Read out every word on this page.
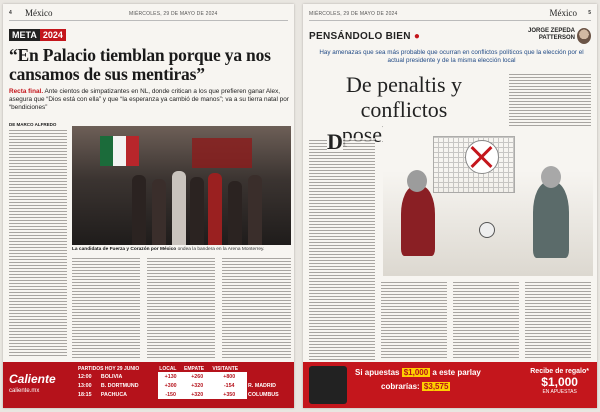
4 México	MIÉRCOLES, 29 DE MAYO DE 2024
META 2024
“En Palacio tiemblan porque ya nos cansamos de sus mentiras”
Recta final. Ante cientos de simpatizantes en NL, donde critican a los que prefieren ganar Alex, asegura que “Dios está con ella” y que “la esperanza ya cambió de manos”; va a su tierra natal por “bendiciones”
DE MARCO ALFREDO
La candidata de Fuerza y Corazón por México ondea la bandera en la Arena Monterrey.
Caliente
caliente.mx
PARTIDOS HOY 29 JUNIO		LOCAL	EMPATE	VISITANTE	
12:00	BOLIVIA	+130	+260	+800	
13:00	B. DORTMUND	+300	+320	-154	R. MADRID
18:15	PACHUCA	-150	+320	+350	COLUMBUS
MIÉRCOLES, 29 DE MAYO DE 2024	México 5
PENSÁNDOLO BIEN ●	JORGE ZEPEDA
PATTERSON
Hay amenazas que sea más probable que ocurran en conflictos políticos que la elección por el actual presidente y de la misma elección local
De penaltis y conflictos
D
Si apuestas $1,000 a este parlay
cobrarías: $3,575
Recibe de regalo*
$1,000
EN APUESTAS
